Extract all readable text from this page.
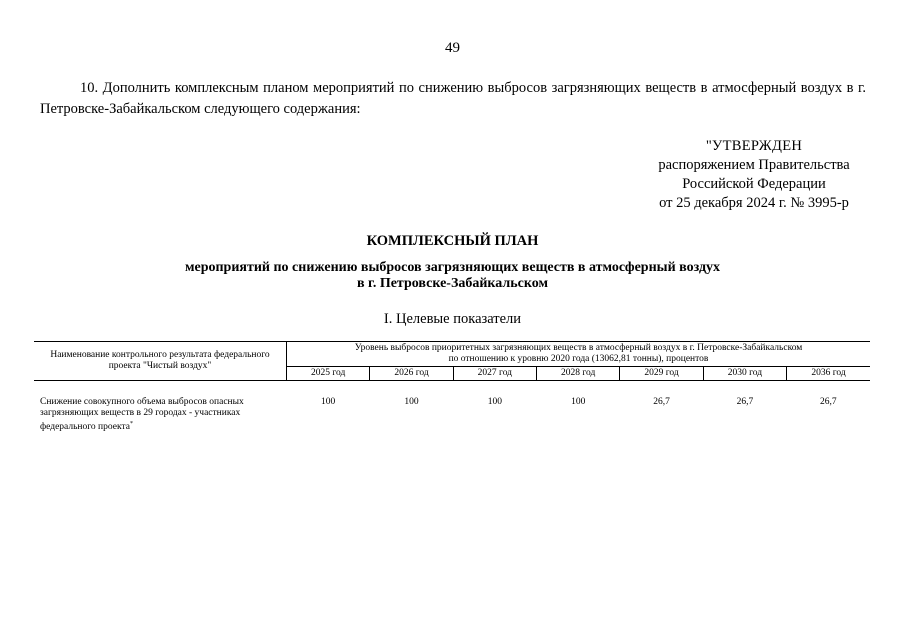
49

10. Дополнить комплексным планом мероприятий по снижению выбросов загрязняющих веществ в атмосферный воздух в г. Петровске-Забайкальском следующего содержания:

"УТВЕРЖДЕН
распоряжением Правительства
Российской Федерации
от 25 декабря 2024 г. № 3995-р
КОМПЛЕКСНЫЙ ПЛАН
мероприятий по снижению выбросов загрязняющих веществ в атмосферный воздух
в г. Петровске-Забайкальском
I. Целевые показатели
Наименование контрольного результата федерального проекта "Чистый воздух"	Уровень выбросов приоритетных загрязняющих веществ в атмосферный воздух в г. Петровске-Забайкальском
по отношению к уровню 2020 года (13062,81 тонны), процентов						

	2025 год	2026 год	2027 год	2028 год	2029 год	2030 год	2036 год
Снижение совокупного объема выбросов опасных загрязняющих веществ в 29 городах - участниках федерального проекта*	100	100	100	100	26,7	26,7	26,7
